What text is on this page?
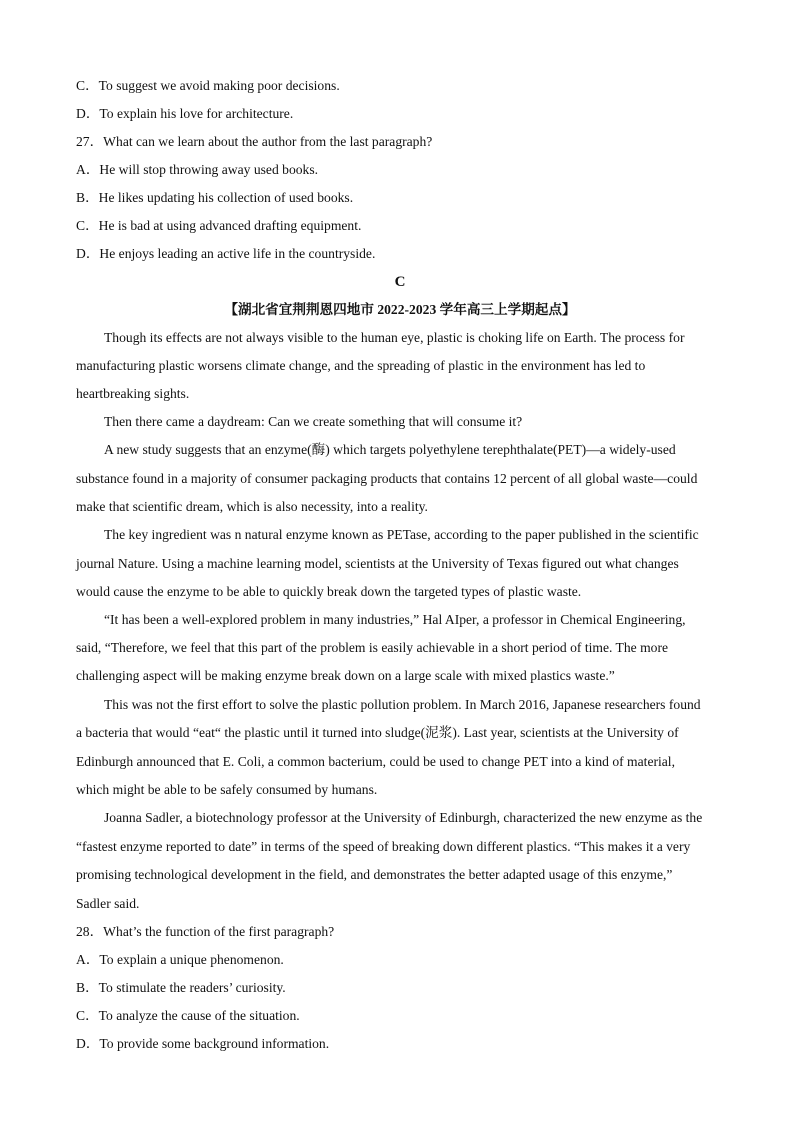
C．To suggest we avoid making poor decisions.
D．To explain his love for architecture.
27．What can we learn about the author from the last paragraph?
A．He will stop throwing away used books.
B．He likes updating his collection of used books.
C．He is bad at using advanced drafting equipment.
D．He enjoys leading an active life in the countryside.
C
【湖北省宜荆荆恩四地市 2022-2023 学年高三上学期起点】
Though its effects are not always visible to the human eye, plastic is choking life on Earth. The process for
manufacturing plastic worsens climate change, and the spreading of plastic in the environment has led to
heartbreaking sights.
Then there came a daydream: Can we create something that will consume it?
A new study suggests that an enzyme(酶) which targets polyethylene terephthalate(PET)—a widely-used
substance found in a majority of consumer packaging products that contains 12 percent of all global waste—could
make that scientific dream, which is also necessity, into a reality.
The key ingredient was n natural enzyme known as PETase, according to the paper published in the scientific
journal Nature. Using a machine learning model, scientists at the University of Texas figured out what changes
would cause the enzyme to be able to quickly break down the targeted types of plastic waste.
“It has been a well-explored problem in many industries,” Hal AIper, a professor in Chemical Engineering,
said, “Therefore, we feel that this part of the problem is easily achievable in a short period of time. The more
challenging aspect will be making enzyme break down on a large scale with mixed plastics waste.”
This was not the first effort to solve the plastic pollution problem. In March 2016, Japanese researchers found
a bacteria that would “eat“ the plastic until it turned into sludge(泥浆). Last year, scientists at the University of
Edinburgh announced that E. Coli, a common bacterium, could be used to change PET into a kind of material,
which might be able to be safely consumed by humans.
Joanna Sadler, a biotechnology professor at the University of Edinburgh, characterized the new enzyme as the
“fastest enzyme reported to date” in terms of the speed of breaking down different plastics. “This makes it a very
promising technological development in the field, and demonstrates the better adapted usage of this enzyme,”
Sadler said.
28．What’s the function of the first paragraph?
A．To explain a unique phenomenon.
B．To stimulate the readers’ curiosity.
C．To analyze the cause of the situation.
D．To provide some background information.
